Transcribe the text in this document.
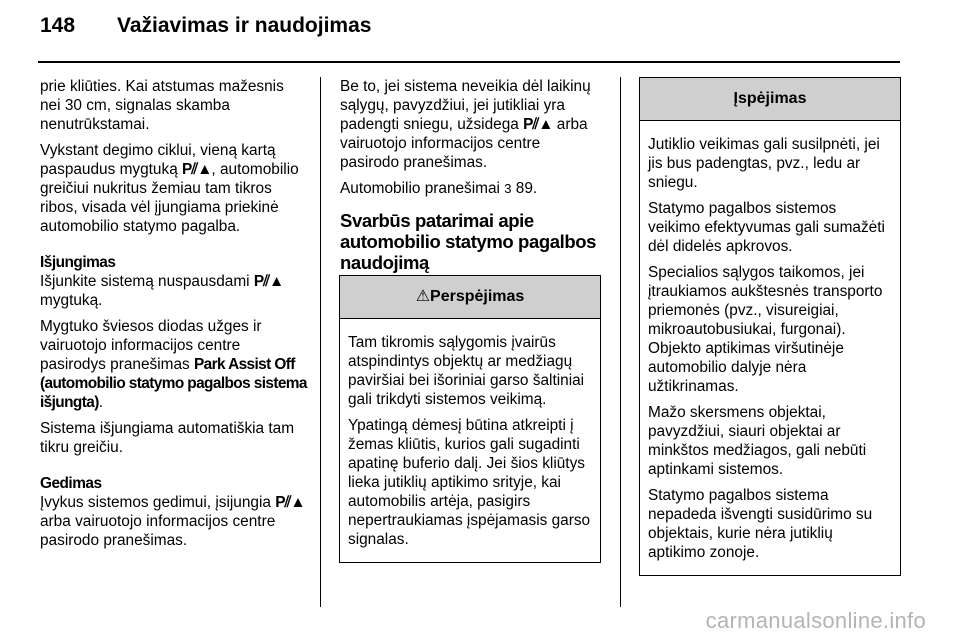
148 Važiavimas ir naudojimas

prie kliūties. Kai atstumas mažesnis nei 30 cm, signalas skamba nenutrūkstamai.

Vykstant degimo ciklui, vieną kartą paspaudus mygtuką P⫽▲, automobilio greičiui nukritus žemiau tam tikros ribos, visada vėl įjungiama priekinė automobilio statymo pagalba.

Išjungimas

Išjunkite sistemą nuspausdami P⫽▲ mygtuką.

Mygtuko šviesos diodas užges ir vairuotojo informacijos centre pasirodys pranešimas Park Assist Off (automobilio statymo pagalbos sistema išjungta).

Sistema išjungiama automatiškia tam tikru greičiu.

Gedimas

Įvykus sistemos gedimui, įsijungia P⫽▲ arba vairuotojo informacijos centre pasirodo pranešimas.

Be to, jei sistema neveikia dėl laikinų sąlygų, pavyzdžiui, jei jutikliai yra padengti sniegu, užsidega P⫽▲ arba vairuotojo informacijos centre pasirodo pranešimas.

Automobilio pranešimai 3 89.

Svarbūs patarimai apie automobilio statymo pagalbos naudojimą
⚠Perspėjimas

Tam tikromis sąlygomis įvairūs atspindintys objektų ar medžiagų paviršiai bei išoriniai garso šaltiniai gali trikdyti sistemos veikimą.

Ypatingą dėmesį būtina atkreipti į žemas kliūtis, kurios gali sugadinti apatinę buferio dalį. Jei šios kliūtys lieka jutiklių aptikimo srityje, kai automobilis artėja, pasigirs nepertraukiamas įspėjamasis garso signalas.

Įspėjimas

Jutiklio veikimas gali susilpnėti, jei jis bus padengtas, pvz., ledu ar sniegu.

Statymo pagalbos sistemos veikimo efektyvumas gali sumažėti dėl didelės apkrovos.

Specialios sąlygos taikomos, jei įtraukiamos aukštesnės transporto priemonės (pvz., visureigiai, mikroautobusiukai, furgonai). Objekto aptikimas viršutinėje automobilio dalyje nėra užtikrinamas.

Mažo skersmens objektai, pavyzdžiui, siauri objektai ar minkštos medžiagos, gali nebūti aptinkami sistemos.

Statymo pagalbos sistema nepadeda išvengti susidūrimo su objektais, kurie nėra jutiklių aptikimo zonoje.

carmanualsonline.info
